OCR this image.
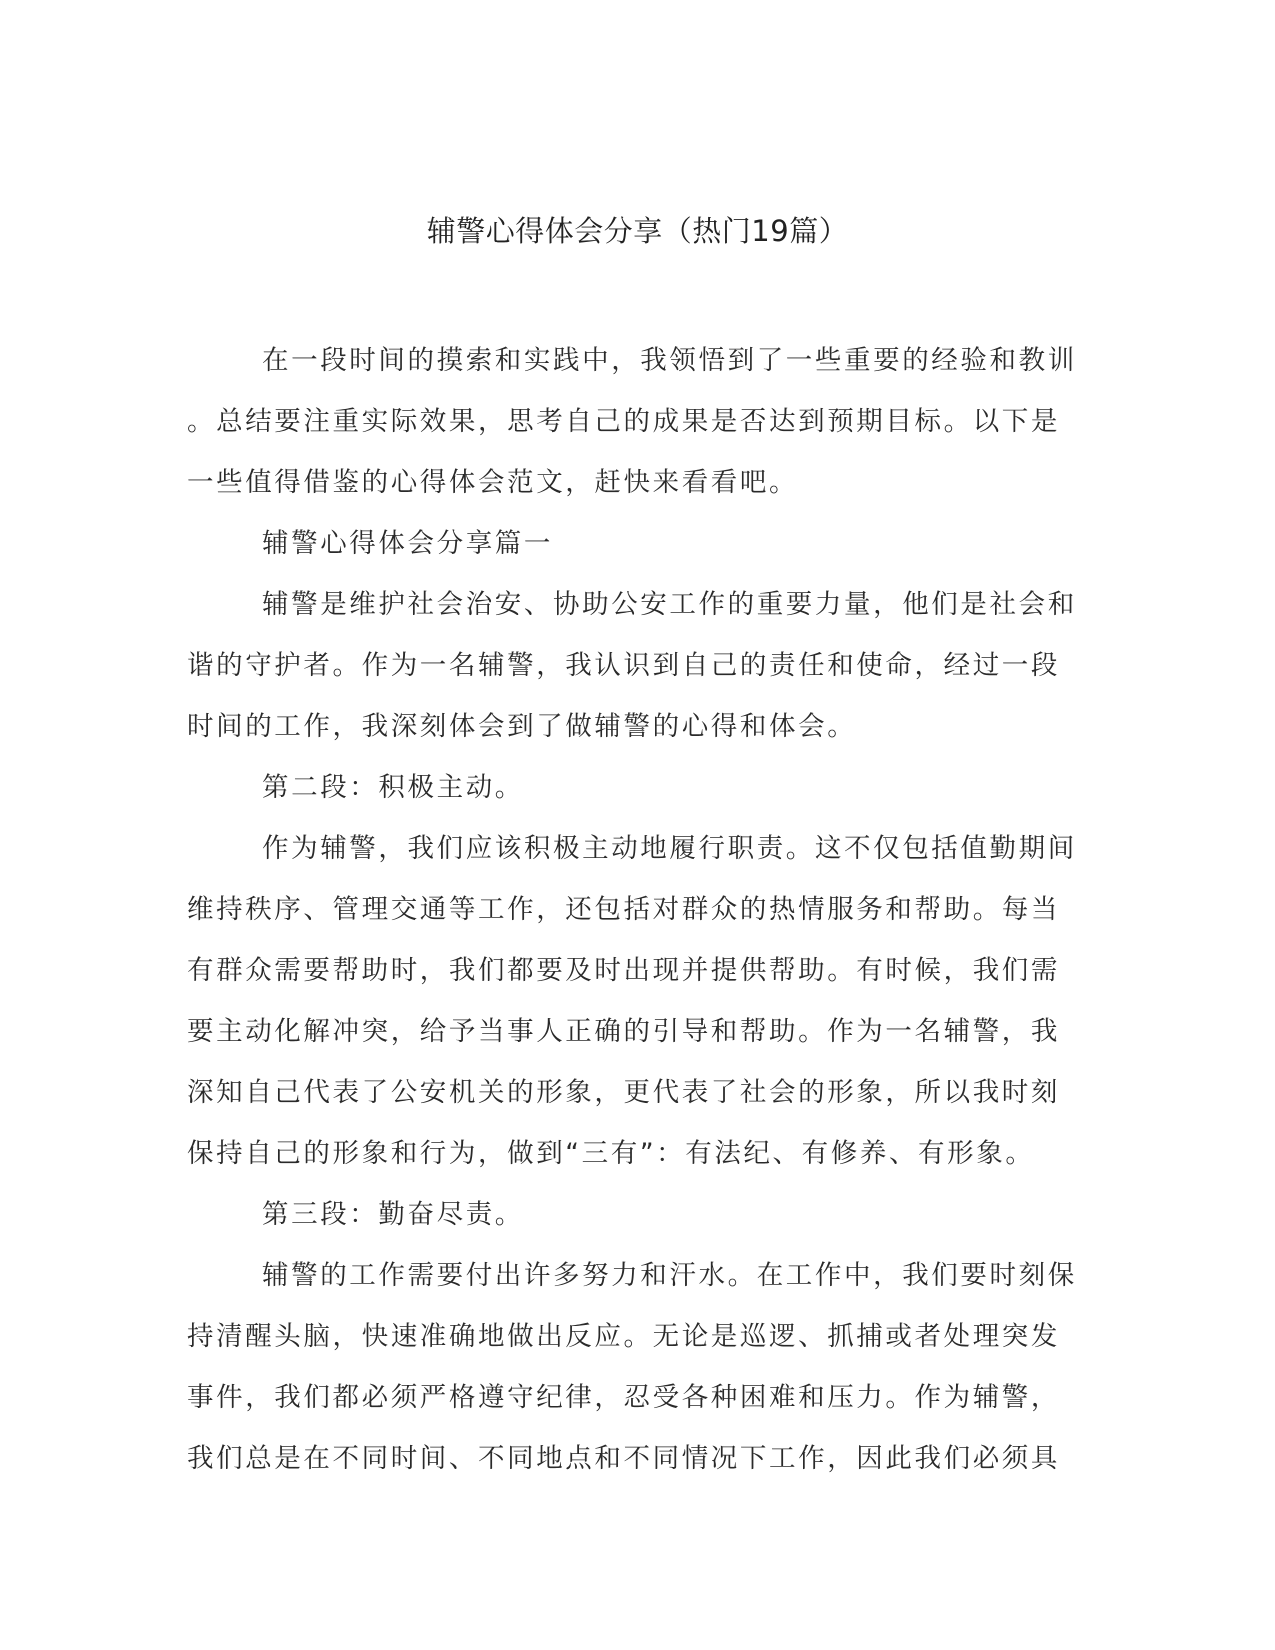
辅警心得体会分享（热门19篇）
在一段时间的摸索和实践中，我领悟到了一些重要的经验和教训
。总结要注重实际效果，思考自己的成果是否达到预期目标。以下是
一些值得借鉴的心得体会范文，赶快来看看吧。
辅警心得体会分享篇一
辅警是维护社会治安、协助公安工作的重要力量，他们是社会和
谐的守护者。作为一名辅警，我认识到自己的责任和使命，经过一段
时间的工作，我深刻体会到了做辅警的心得和体会。
第二段：积极主动。
作为辅警，我们应该积极主动地履行职责。这不仅包括值勤期间
维持秩序、管理交通等工作，还包括对群众的热情服务和帮助。每当
有群众需要帮助时，我们都要及时出现并提供帮助。有时候，我们需
要主动化解冲突，给予当事人正确的引导和帮助。作为一名辅警，我
深知自己代表了公安机关的形象，更代表了社会的形象，所以我时刻
保持自己的形象和行为，做到“三有”：有法纪、有修养、有形象。
第三段：勤奋尽责。
辅警的工作需要付出许多努力和汗水。在工作中，我们要时刻保
持清醒头脑，快速准确地做出反应。无论是巡逻、抓捕或者处理突发
事件，我们都必须严格遵守纪律，忍受各种困难和压力。作为辅警，
我们总是在不同时间、不同地点和不同情况下工作，因此我们必须具
